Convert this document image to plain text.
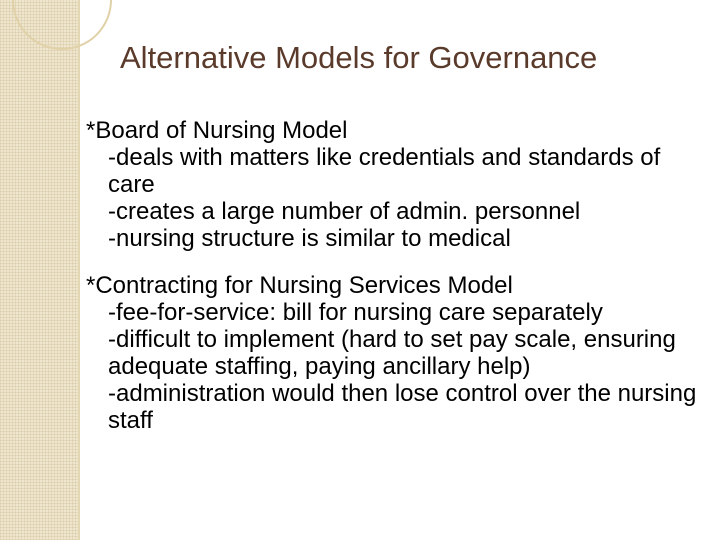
Alternative Models for Governance
*Board of Nursing Model
-deals with matters like credentials and standards of care
-creates a large number of admin. personnel
-nursing structure is similar to medical
*Contracting for Nursing Services Model
-fee-for-service: bill for nursing care separately
-difficult to implement (hard to set pay scale, ensuring adequate staffing, paying ancillary help)
-administration would then lose control over the nursing staff
